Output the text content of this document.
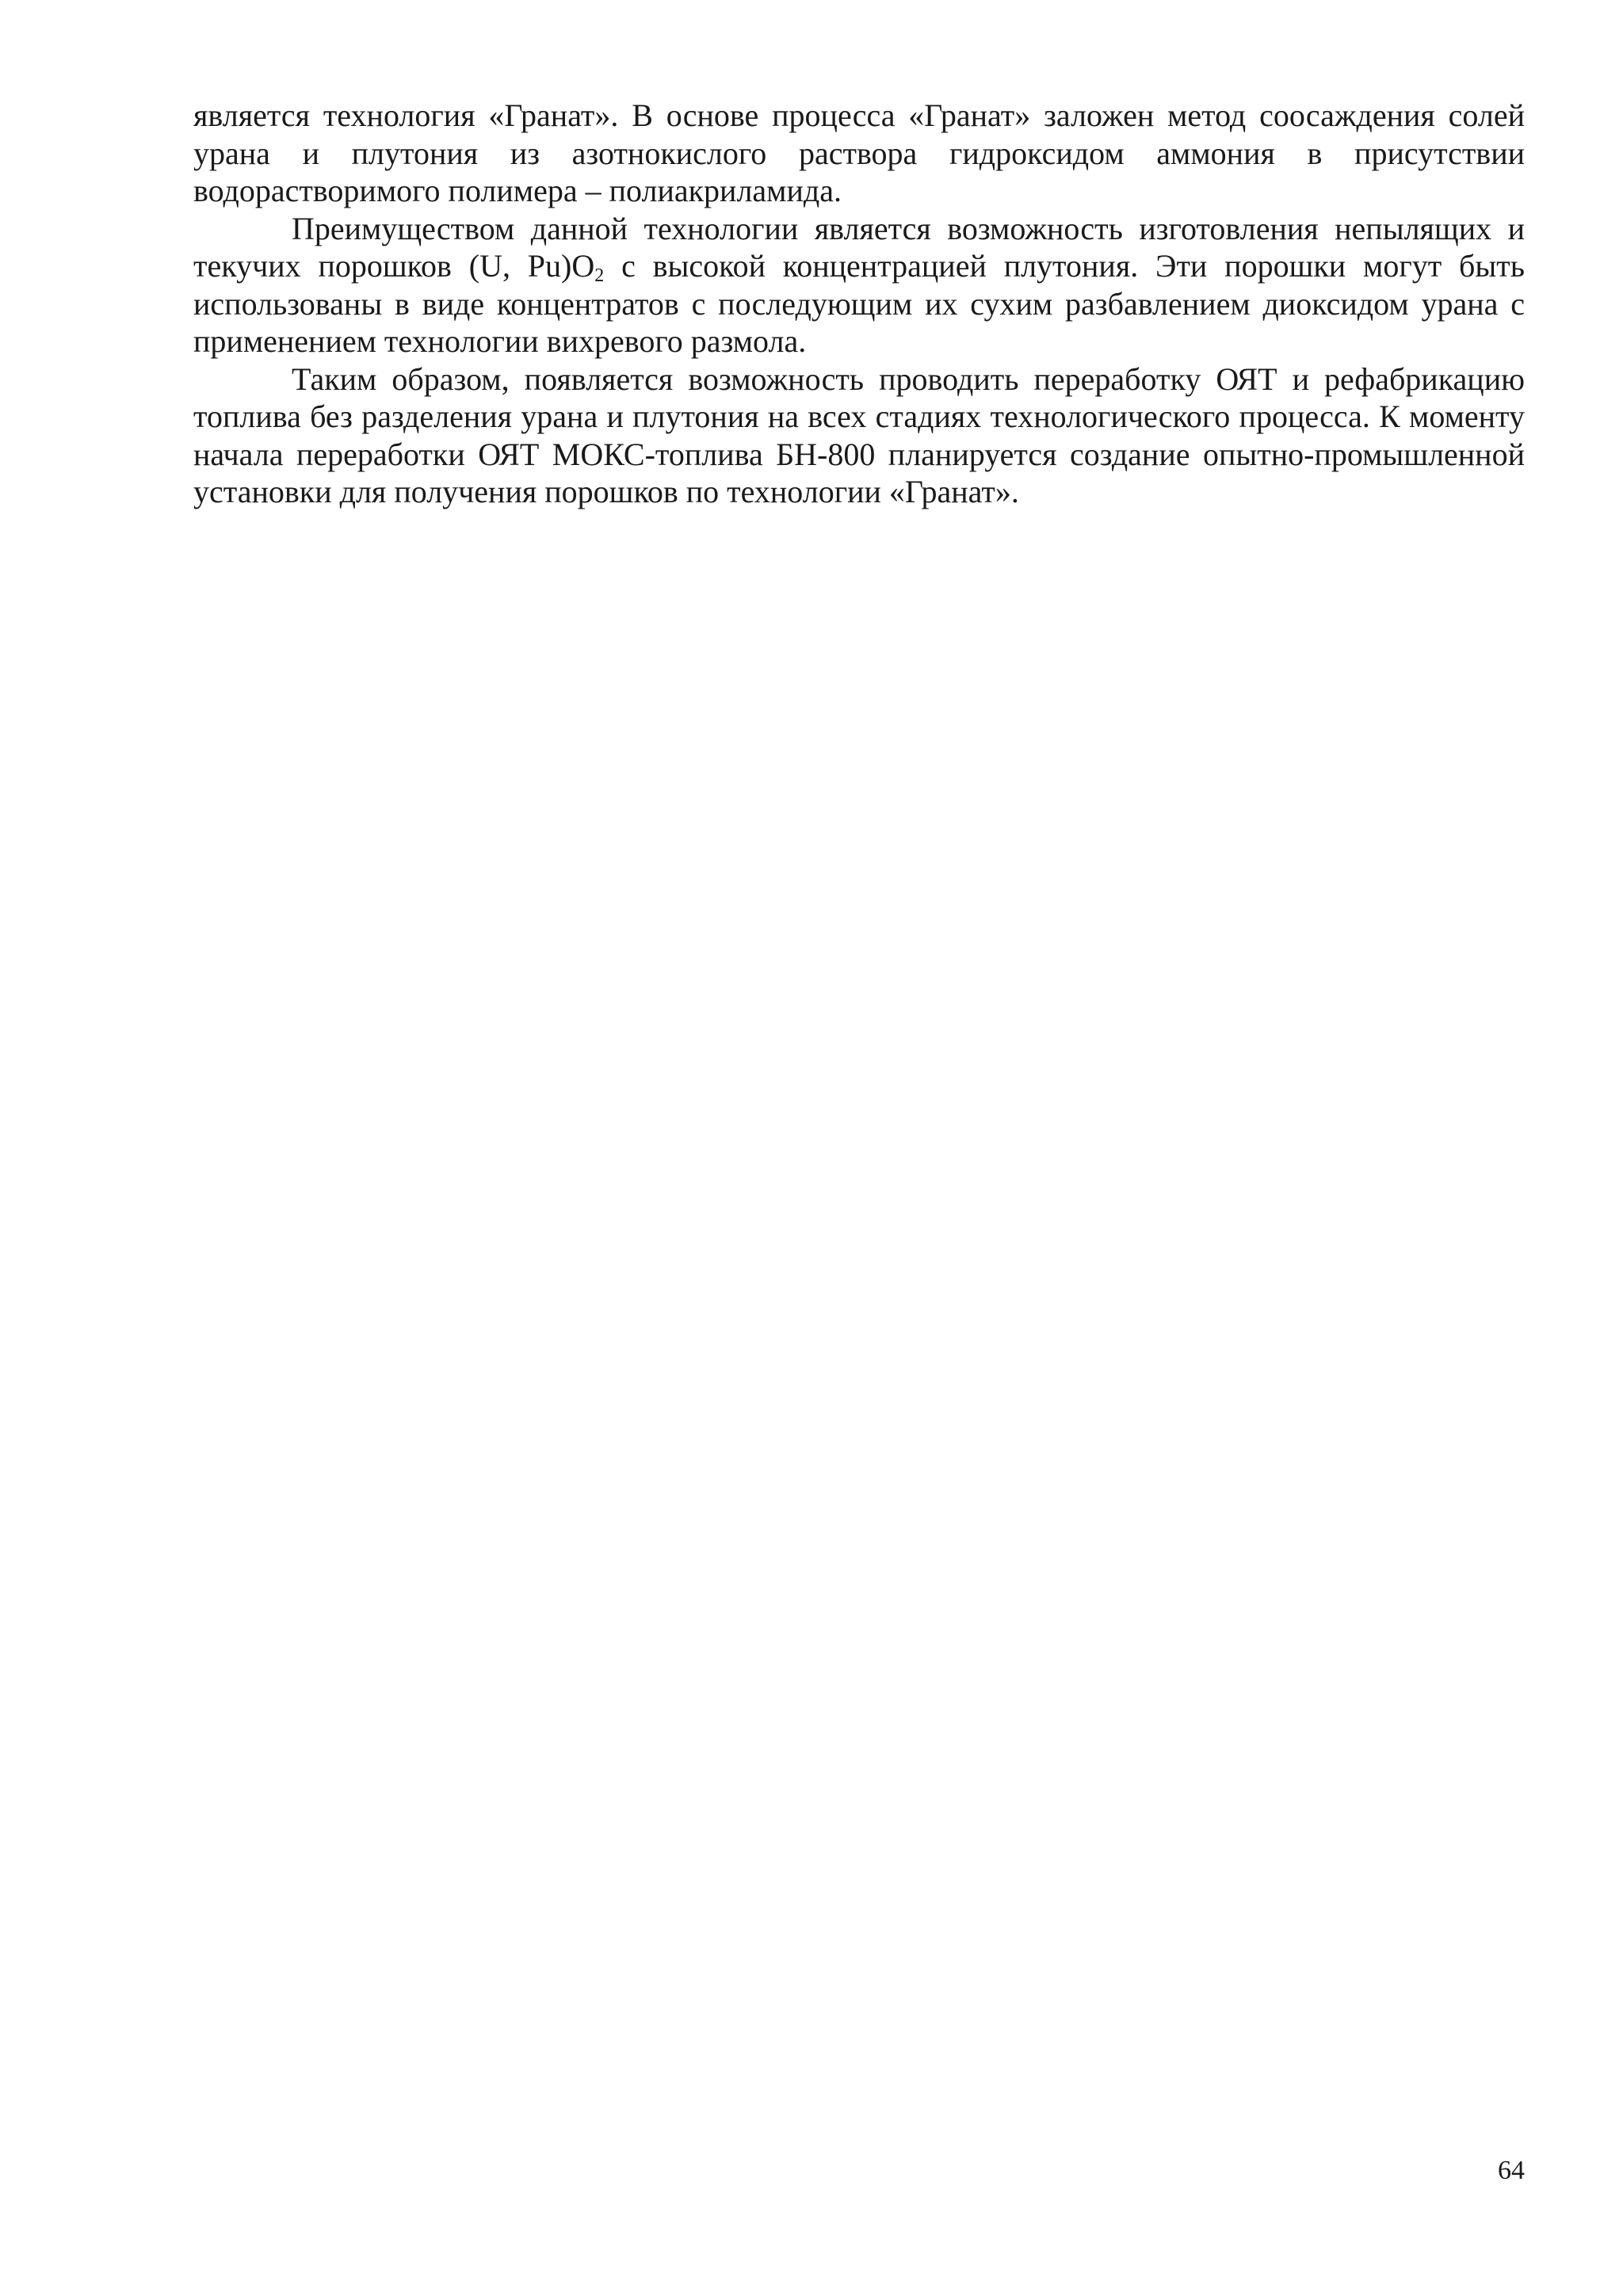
является технология «Гранат». В основе процесса «Гранат» заложен метод соосаждения солей урана и плутония из азотнокислого раствора гидроксидом аммония в присутствии водорастворимого полимера – полиакриламида.

Преимуществом данной технологии является возможность изготовления непылящих и текучих порошков (U, $Pu)O_2$ с высокой концентрацией плутония. Эти порошки могут быть использованы в виде концентратов с последующим их сухим разбавлением диоксидом урана с применением технологии вихревого размола.

Таким образом, появляется возможность проводить переработку ОЯТ и рефабрикацию топлива без разделения урана и плутония на всех стадиях технологического процесса. К моменту начала переработки ОЯТ МОКС-топлива БН-800 планируется создание опытно-промышленной установки для получения порошков по технологии «Гранат».

64
